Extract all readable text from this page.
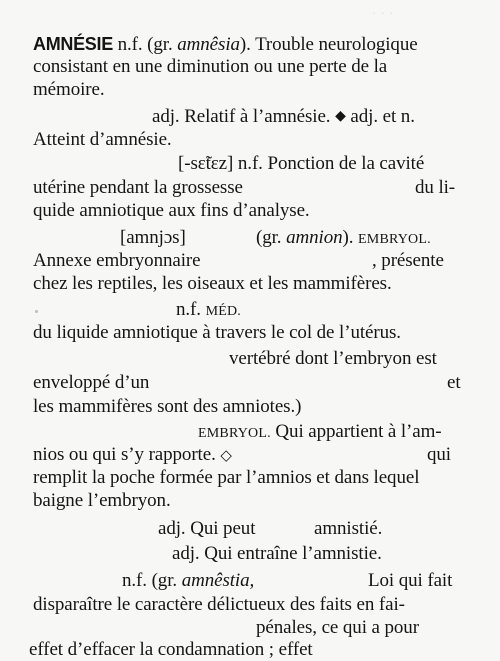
· · ·
AMNÉSIE n.f. (gr. amnêsia). Trouble neurologique
consistant en une diminution ou une perte de la
mémoire.
adj. Relatif à l’amnésie. ◆ adj. et n.
Atteint d’amnésie.
[-sɛ̃tɛz] n.f. Ponction de la cavité
utérine pendant la grossesse	du li-
quide amniotique aux fins d’analyse.
[amnjɔs]	(gr. amnion). EMBRYOL.
Annexe embryonnaire	, présente
chez les reptiles, les oiseaux et les mammifères.
n.f. MÉD.
du liquide amniotique à travers le col de l’utérus.
vertébré dont l’embryon est
enveloppé d’un	et
les mammifères sont des amniotes.)
EMBRYOL. Qui appartient à l’am-
nios ou qui s’y rapporte. ◇	qui
remplit la poche formée par l’amnios et dans lequel
baigne l’embryon.
adj. Qui peut	amnistié.
adj. Qui entraîne l’amnistie.
n.f. (gr. amnêstia,	Loi qui fait
disparaître le caractère délictueux des faits en fai-
pénales, ce qui a pour
effet d’effacer la condamnation ; effet
